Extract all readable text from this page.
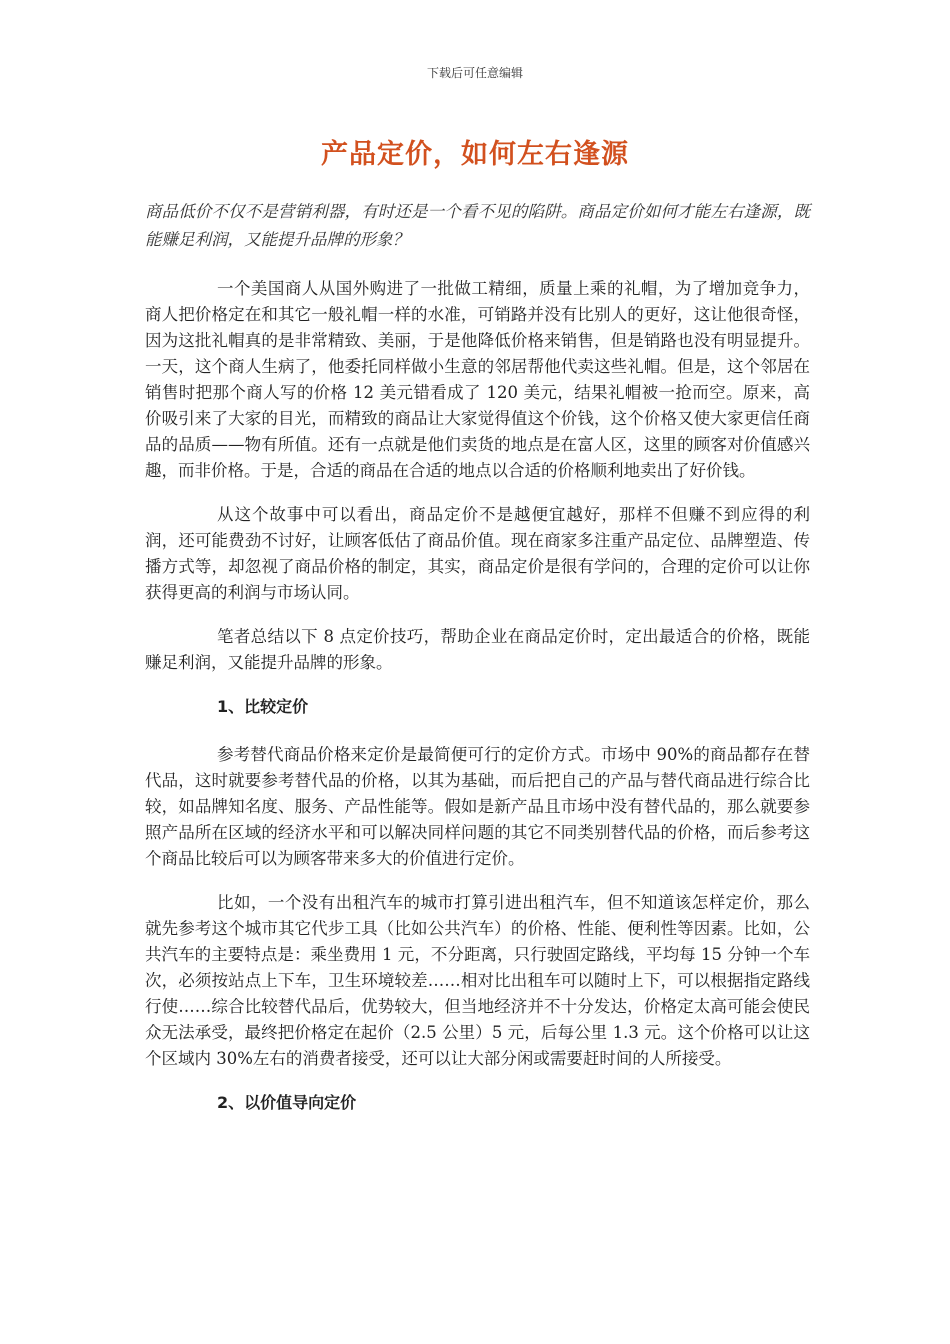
下载后可任意编辑
产品定价，如何左右逢源

商品低价不仅不是营销利器，有时还是一个看不见的陷阱。商品定价如何才能左右逢源，既能赚足利润，又能提升品牌的形象？

一个美国商人从国外购进了一批做工精细，质量上乘的礼帽，为了增加竞争力，商人把价格定在和其它一般礼帽一样的水准，可销路并没有比别人的更好，这让他很奇怪，因为这批礼帽真的是非常精致、美丽，于是他降低价格来销售，但是销路也没有明显提升。一天，这个商人生病了，他委托同样做小生意的邻居帮他代卖这些礼帽。但是，这个邻居在销售时把那个商人写的价格 12 美元错看成了 120 美元，结果礼帽被一抢而空。原来，高价吸引来了大家的目光，而精致的商品让大家觉得值这个价钱，这个价格又使大家更信任商品的品质——物有所值。还有一点就是他们卖货的地点是在富人区，这里的顾客对价值感兴趣，而非价格。于是，合适的商品在合适的地点以合适的价格顺利地卖出了好价钱。

从这个故事中可以看出，商品定价不是越便宜越好，那样不但赚不到应得的利润，还可能费劲不讨好，让顾客低估了商品价值。现在商家多注重产品定位、品牌塑造、传播方式等，却忽视了商品价格的制定，其实，商品定价是很有学问的，合理的定价可以让你获得更高的利润与市场认同。

笔者总结以下 8 点定价技巧，帮助企业在商品定价时，定出最适合的价格，既能赚足利润，又能提升品牌的形象。

1、比较定价

参考替代商品价格来定价是最简便可行的定价方式。市场中 90%的商品都存在替代品，这时就要参考替代品的价格，以其为基础，而后把自己的产品与替代商品进行综合比较，如品牌知名度、服务、产品性能等。假如是新产品且市场中没有替代品的，那么就要参照产品所在区域的经济水平和可以解决同样问题的其它不同类别替代品的价格，而后参考这个商品比较后可以为顾客带来多大的价值进行定价。

比如，一个没有出租汽车的城市打算引进出租汽车，但不知道该怎样定价，那么就先参考这个城市其它代步工具（比如公共汽车）的价格、性能、便利性等因素。比如，公共汽车的主要特点是：乘坐费用 1 元，不分距离，只行驶固定路线，平均每 15 分钟一个车次，必须按站点上下车，卫生环境较差……相对比出租车可以随时上下，可以根据指定路线行使……综合比较替代品后，优势较大，但当地经济并不十分发达，价格定太高可能会使民众无法承受，最终把价格定在起价（2.5 公里）5 元，后每公里 1.3 元。这个价格可以让这个区域内 30%左右的消费者接受，还可以让大部分闲或需要赶时间的人所接受。

2、以价值导向定价
